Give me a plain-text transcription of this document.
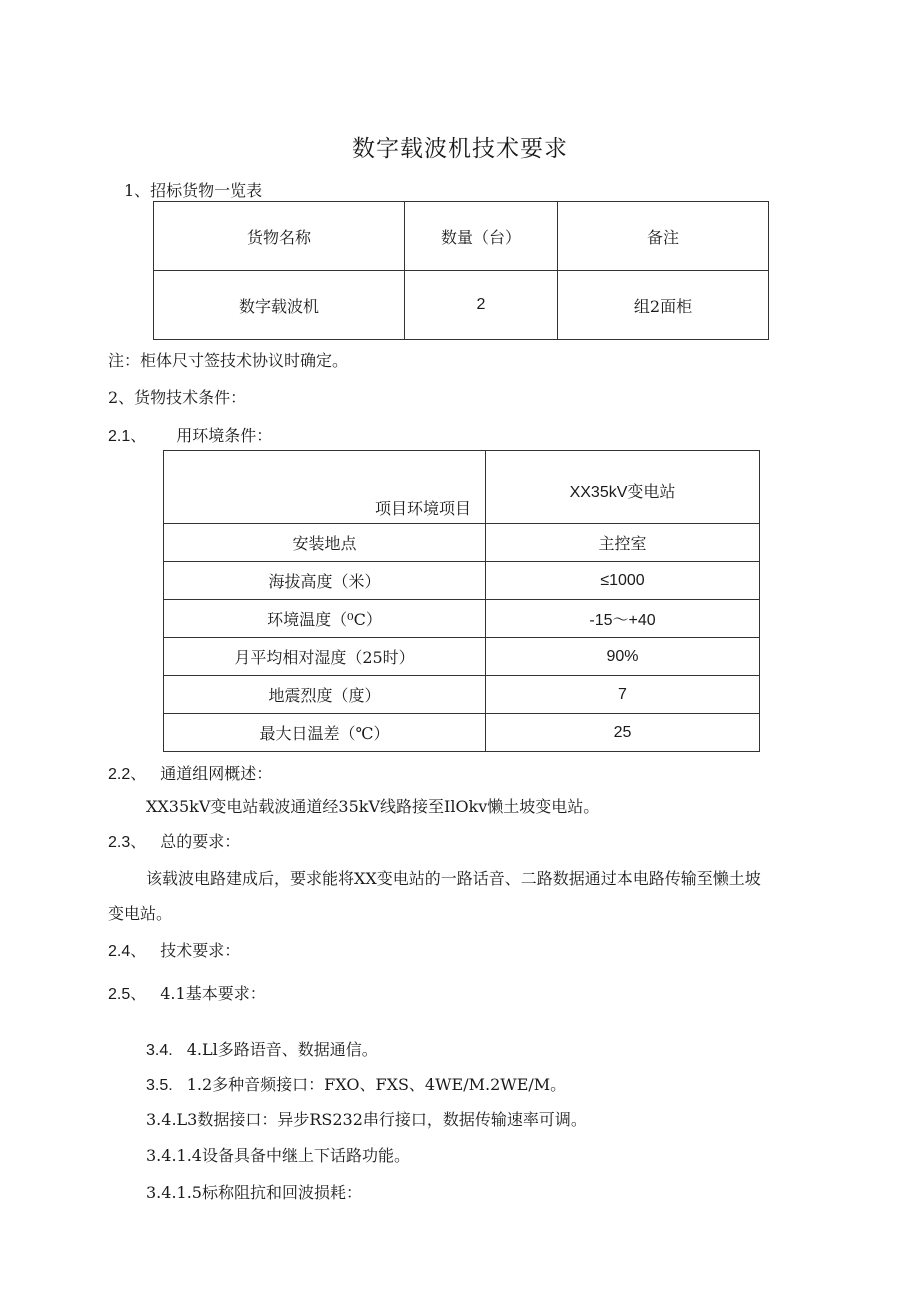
数字载波机技术要求
1、招标货物一览表
货物名称	数量（台）	备注
数字载波机	2	组2面柜
注：柜体尺寸签技术协议时确定。
2、货物技术条件：
2.1、 用环境条件：
项目环境项目	XX35kV变电站

安装地点	主控室
海拔高度（米）	≤1000
环境温度（⁰C）	-15～+40
月平均相对湿度（25时）	90%
地震烈度（度）	7
最大日温差（℃）	25
2.2、 通道组网概述：
XX35kV变电站载波通道经35kV线路接至IlOkv懒土坡变电站。
2.3、 总的要求：
该载波电路建成后，要求能将XX变电站的一路话音、二路数据通过本电路传输至懒土坡
变电站。
2.4、 技术要求：
2.5、 4.1基本要求：
3.4. 4.Ll多路语音、数据通信。
3.5. 1.2多种音频接口：FXO、FXS、4WE/M.2WE/M。
3.4.L3数据接口：异步RS232串行接口，数据传输速率可调。
3.4.1.4设备具备中继上下话路功能。
3.4.1.5标称阻抗和回波损耗：
